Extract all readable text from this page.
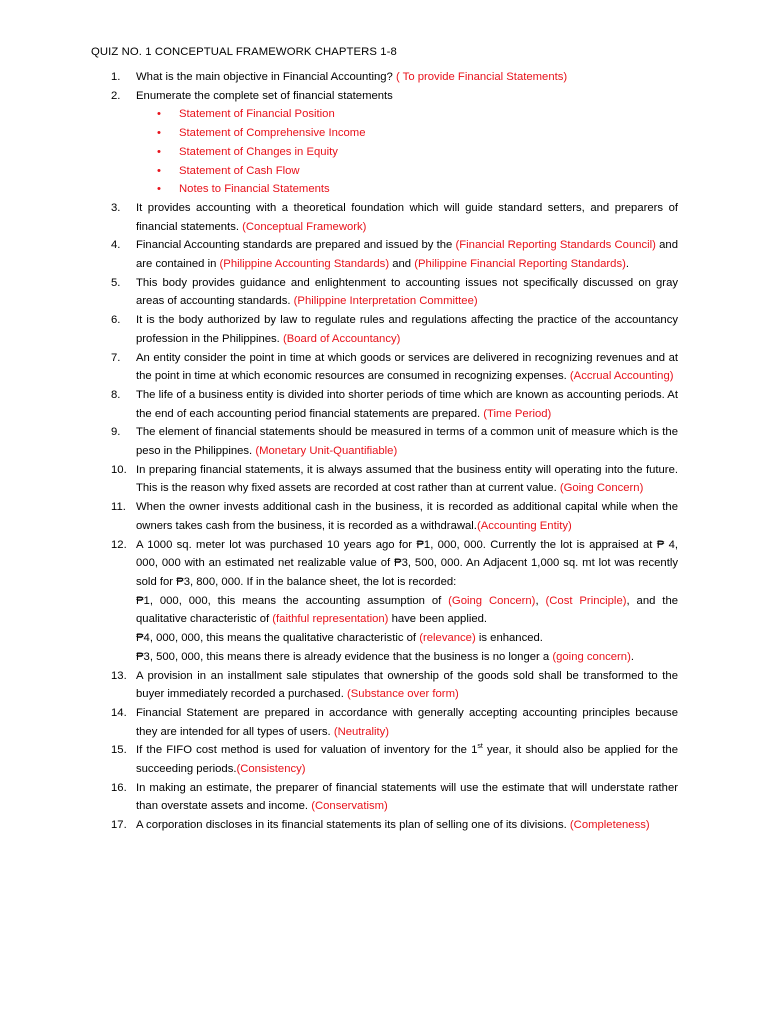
QUIZ NO. 1 CONCEPTUAL FRAMEWORK CHAPTERS 1-8
1. What is the main objective in Financial Accounting? ( To provide Financial Statements)
2. Enumerate the complete set of financial statements
• Statement of Financial Position
• Statement of Comprehensive Income
• Statement of Changes in Equity
• Statement of Cash Flow
• Notes to Financial Statements
3. It provides accounting with a theoretical foundation which will guide standard setters, and preparers of financial statements. (Conceptual Framework)
4. Financial Accounting standards are prepared and issued by the (Financial Reporting Standards Council) and are contained in (Philippine Accounting Standards) and (Philippine Financial Reporting Standards).
5. This body provides guidance and enlightenment to accounting issues not specifically discussed on gray areas of accounting standards. (Philippine Interpretation Committee)
6. It is the body authorized by law to regulate rules and regulations affecting the practice of the accountancy profession in the Philippines. (Board of Accountancy)
7. An entity consider the point in time at which goods or services are delivered in recognizing revenues and at the point in time at which economic resources are consumed in recognizing expenses. (Accrual Accounting)
8. The life of a business entity is divided into shorter periods of time which are known as accounting periods. At the end of each accounting period financial statements are prepared. (Time Period)
9. The element of financial statements should be measured in terms of a common unit of measure which is the peso in the Philippines. (Monetary Unit-Quantifiable)
10. In preparing financial statements, it is always assumed that the business entity will operating into the future. This is the reason why fixed assets are recorded at cost rather than at current value. (Going Concern)
11. When the owner invests additional cash in the business, it is recorded as additional capital while when the owners takes cash from the business, it is recorded as a withdrawal.(Accounting Entity)
12. A 1000 sq. meter lot was purchased 10 years ago for ₱1, 000, 000. Currently the lot is appraised at ₱ 4, 000, 000 with an estimated net realizable value of ₱3, 500, 000. An Adjacent 1,000 sq. mt lot was recently sold for ₱3, 800, 000. If in the balance sheet, the lot is recorded:
₱1, 000, 000, this means the accounting assumption of (Going Concern), (Cost Principle), and the qualitative characteristic of (faithful representation) have been applied.
₱4, 000, 000, this means the qualitative characteristic of (relevance) is enhanced.
₱3, 500, 000, this means there is already evidence that the business is no longer a (going concern).
13. A provision in an installment sale stipulates that ownership of the goods sold shall be transformed to the buyer immediately recorded a purchased. (Substance over form)
14. Financial Statement are prepared in accordance with generally accepting accounting principles because they are intended for all types of users. (Neutrality)
15. If the FIFO cost method is used for valuation of inventory for the 1st year, it should also be applied for the succeeding periods.(Consistency)
16. In making an estimate, the preparer of financial statements will use the estimate that will understate rather than overstate assets and income. (Conservatism)
17. A corporation discloses in its financial statements its plan of selling one of its divisions. (Completeness)
